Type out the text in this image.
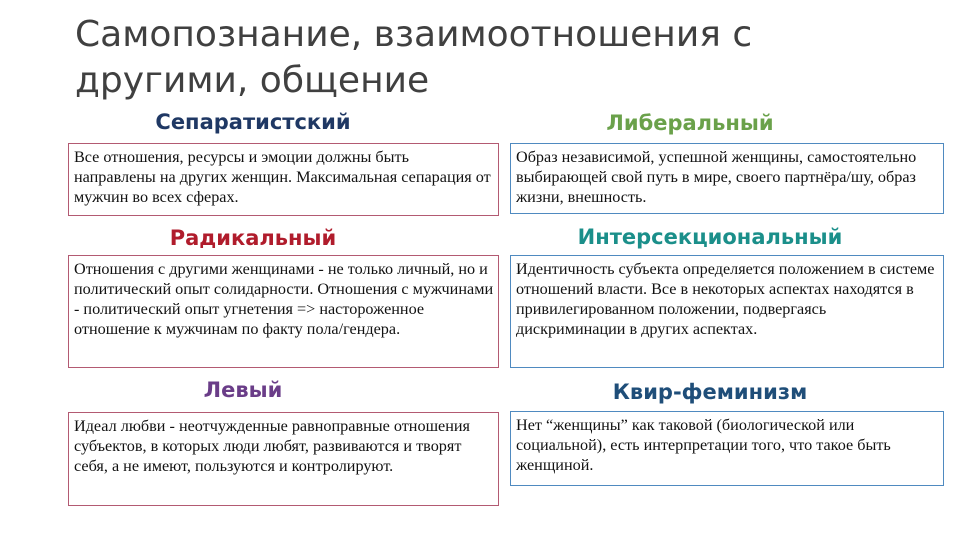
Самопознание, взаимоотношения с другими, общение
Сепаратистский
Все отношения, ресурсы и эмоции должны быть направлены на других женщин. Максимальная сепарация от мужчин во всех сферах.
Радикальный
Отношения с другими женщинами - не только личный, но и политический опыт солидарности. Отношения с мужчинами - политический опыт угнетения => настороженное отношение к мужчинам по факту пола/гендера.
Левый
Идеал любви - неотчужденные равноправные отношения субъектов, в которых люди любят, развиваются и творят себя, а не имеют, пользуются и контролируют.
Либеральный
Образ независимой, успешной женщины, самостоятельно выбирающей свой путь в мире, своего партнёра/шу, образ жизни, внешность.
Интерсекциональный
Идентичность субъекта определяется положением в системе отношений власти. Все в некоторых аспектах находятся в привилегированном положении, подвергаясь дискриминации в других аспектах.
Квир-феминизм
Нет “женщины” как таковой (биологической или социальной), есть интерпретации того, что такое быть женщиной.
